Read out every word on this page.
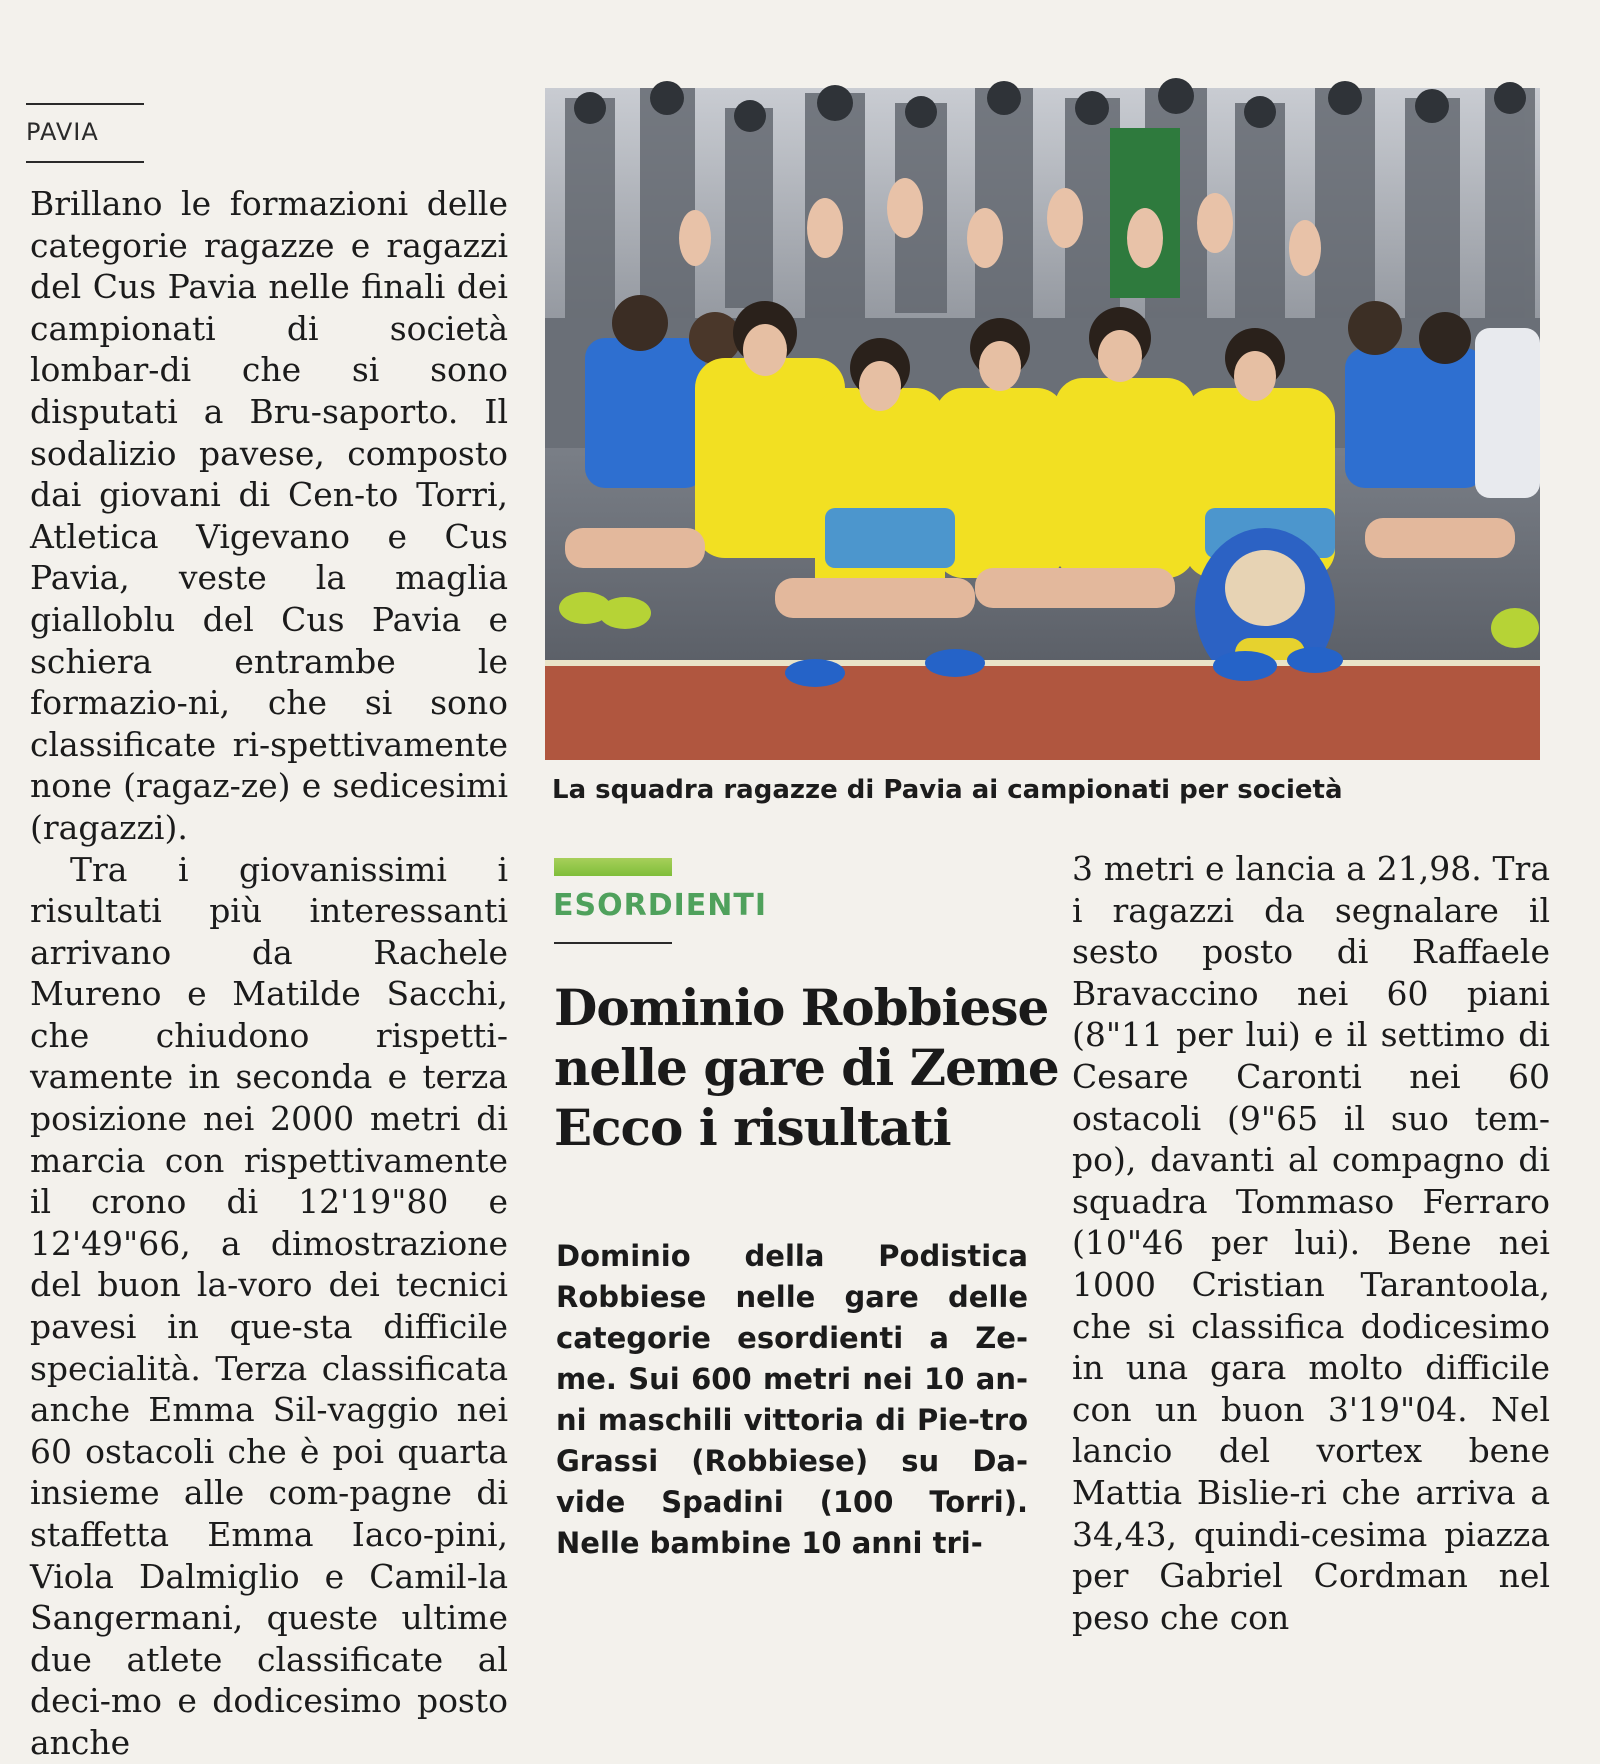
PAVIA

Brillano le formazioni delle categorie ragazze e ragazzi del Cus Pavia nelle finali dei campionati di società lombar-di che si sono disputati a Bru-saporto. Il sodalizio pavese, composto dai giovani di Cen-to Torri, Atletica Vigevano e Cus Pavia, veste la maglia gialloblu del Cus Pavia e schiera entrambe le formazio-ni, che si sono classificate ri-spettivamente none (ragaz-ze) e sedicesimi (ragazzi).

Tra i giovanissimi i risultati più interessanti arrivano da Rachele Mureno e Matilde Sacchi, che chiudono rispetti-vamente in seconda e terza posizione nei 2000 metri di marcia con rispettivamente il crono di 12'19"80 e 12'49"66, a dimostrazione del buon la-voro dei tecnici pavesi in que-sta difficile specialità. Terza classificata anche Emma Sil-vaggio nei 60 ostacoli che è poi quarta insieme alle com-pagne di staffetta Emma Iaco-pini, Viola Dalmiglio e Camil-la Sangermani, queste ultime due atlete classificate al deci-mo e dodicesimo posto anche

La squadra ragazze di Pavia ai campionati per società
ESORDIENTI
Dominio Robbiese
nelle gare di Zeme
Ecco i risultati

Dominio della Podistica Robbiese nelle gare delle categorie esordienti a Ze-me. Sui 600 metri nei 10 an-ni maschili vittoria di Pie-tro Grassi (Robbiese) su Da-vide Spadini (100 Torri). Nelle bambine 10 anni tri-

3 metri e lancia a 21,98. Tra i ragazzi da segnalare il sesto posto di Raffaele Bravaccino nei 60 piani (8"11 per lui) e il settimo di Cesare Caronti nei 60 ostacoli (9"65 il suo tem-po), davanti al compagno di squadra Tommaso Ferraro (10"46 per lui). Bene nei 1000 Cristian Tarantoola, che si classifica dodicesimo in una gara molto difficile con un buon 3'19"04. Nel lancio del vortex bene Mattia Bislie-ri che arriva a 34,43, quindi-cesima piazza per Gabriel Cordman nel peso che con
